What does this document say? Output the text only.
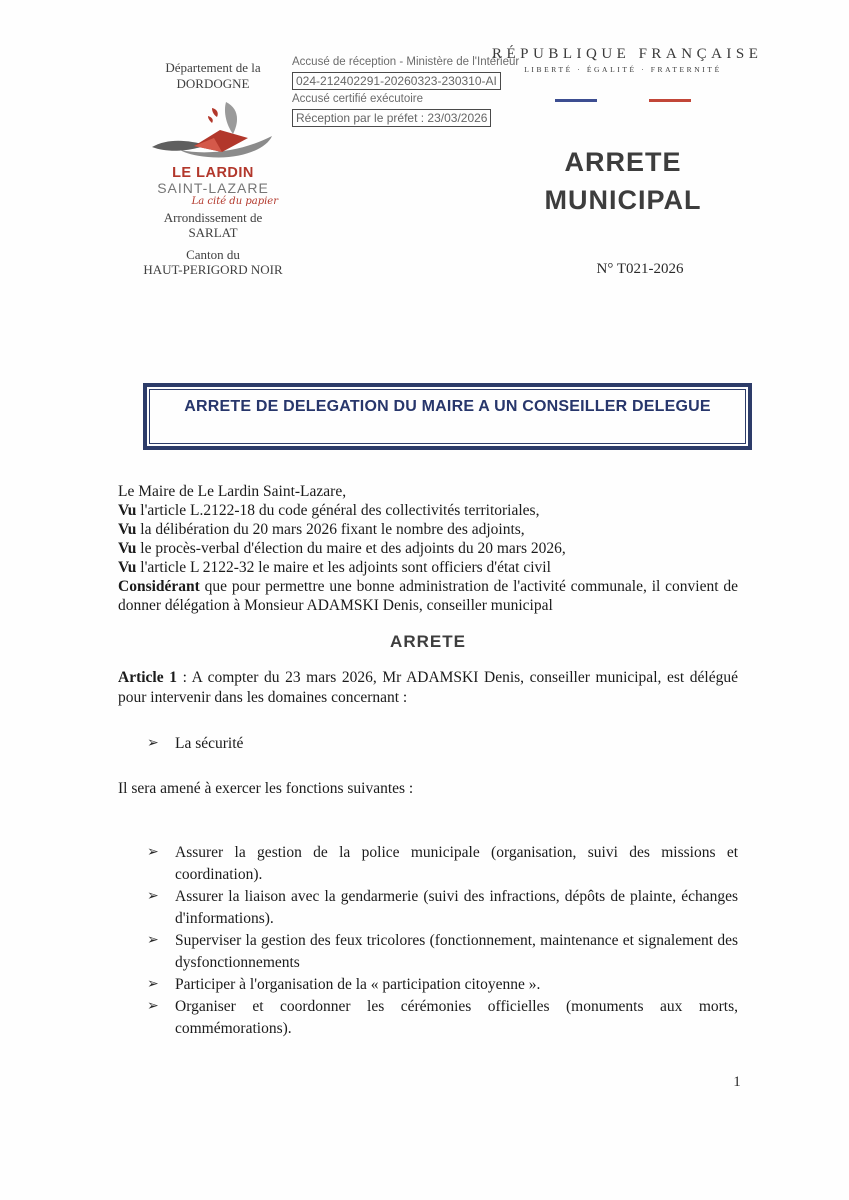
Département de la
DORDOGNE
LE LARDIN
SAINT-LAZARE
La cité du papier
Arrondissement de
SARLAT
Canton du
HAUT-PERIGORD NOIR
Accusé de réception - Ministère de l'Intérieur
024-212402291-20260323-230310-AI
Accusé certifié exécutoire
Réception par le préfet : 23/03/2026
RÉPUBLIQUE FRANÇAISE
LIBERTÉ · ÉGALITÉ · FRATERNITÉ

ARRETE
MUNICIPAL
N° T021-2026
ARRETE DE DELEGATION DU MAIRE A UN CONSEILLER DELEGUE
Le Maire de Le Lardin Saint-Lazare,
Vu l'article L.2122-18 du code général des collectivités territoriales,
Vu la délibération du 20 mars 2026 fixant le nombre des adjoints,
Vu le procès-verbal d'élection du maire et des adjoints du 20 mars 2026,
Vu l'article L 2122-32 le maire et les adjoints sont officiers d'état civil
Considérant que pour permettre une bonne administration de l'activité communale, il convient de donner délégation à Monsieur ADAMSKI Denis, conseiller municipal
ARRETE
Article 1 : A compter du 23 mars 2026, Mr ADAMSKI Denis, conseiller municipal, est délégué pour intervenir dans les domaines concernant :
➢ La sécurité
Il sera amené à exercer les fonctions suivantes :
➢ Assurer la gestion de la police municipale (organisation, suivi des missions et coordination).
➢ Assurer la liaison avec la gendarmerie (suivi des infractions, dépôts de plainte, échanges d'informations).
➢ Superviser la gestion des feux tricolores (fonctionnement, maintenance et signalement des dysfonctionnements
➢ Participer à l'organisation de la « participation citoyenne ».
➢ Organiser et coordonner les cérémonies officielles (monuments aux morts, commémorations).
1
